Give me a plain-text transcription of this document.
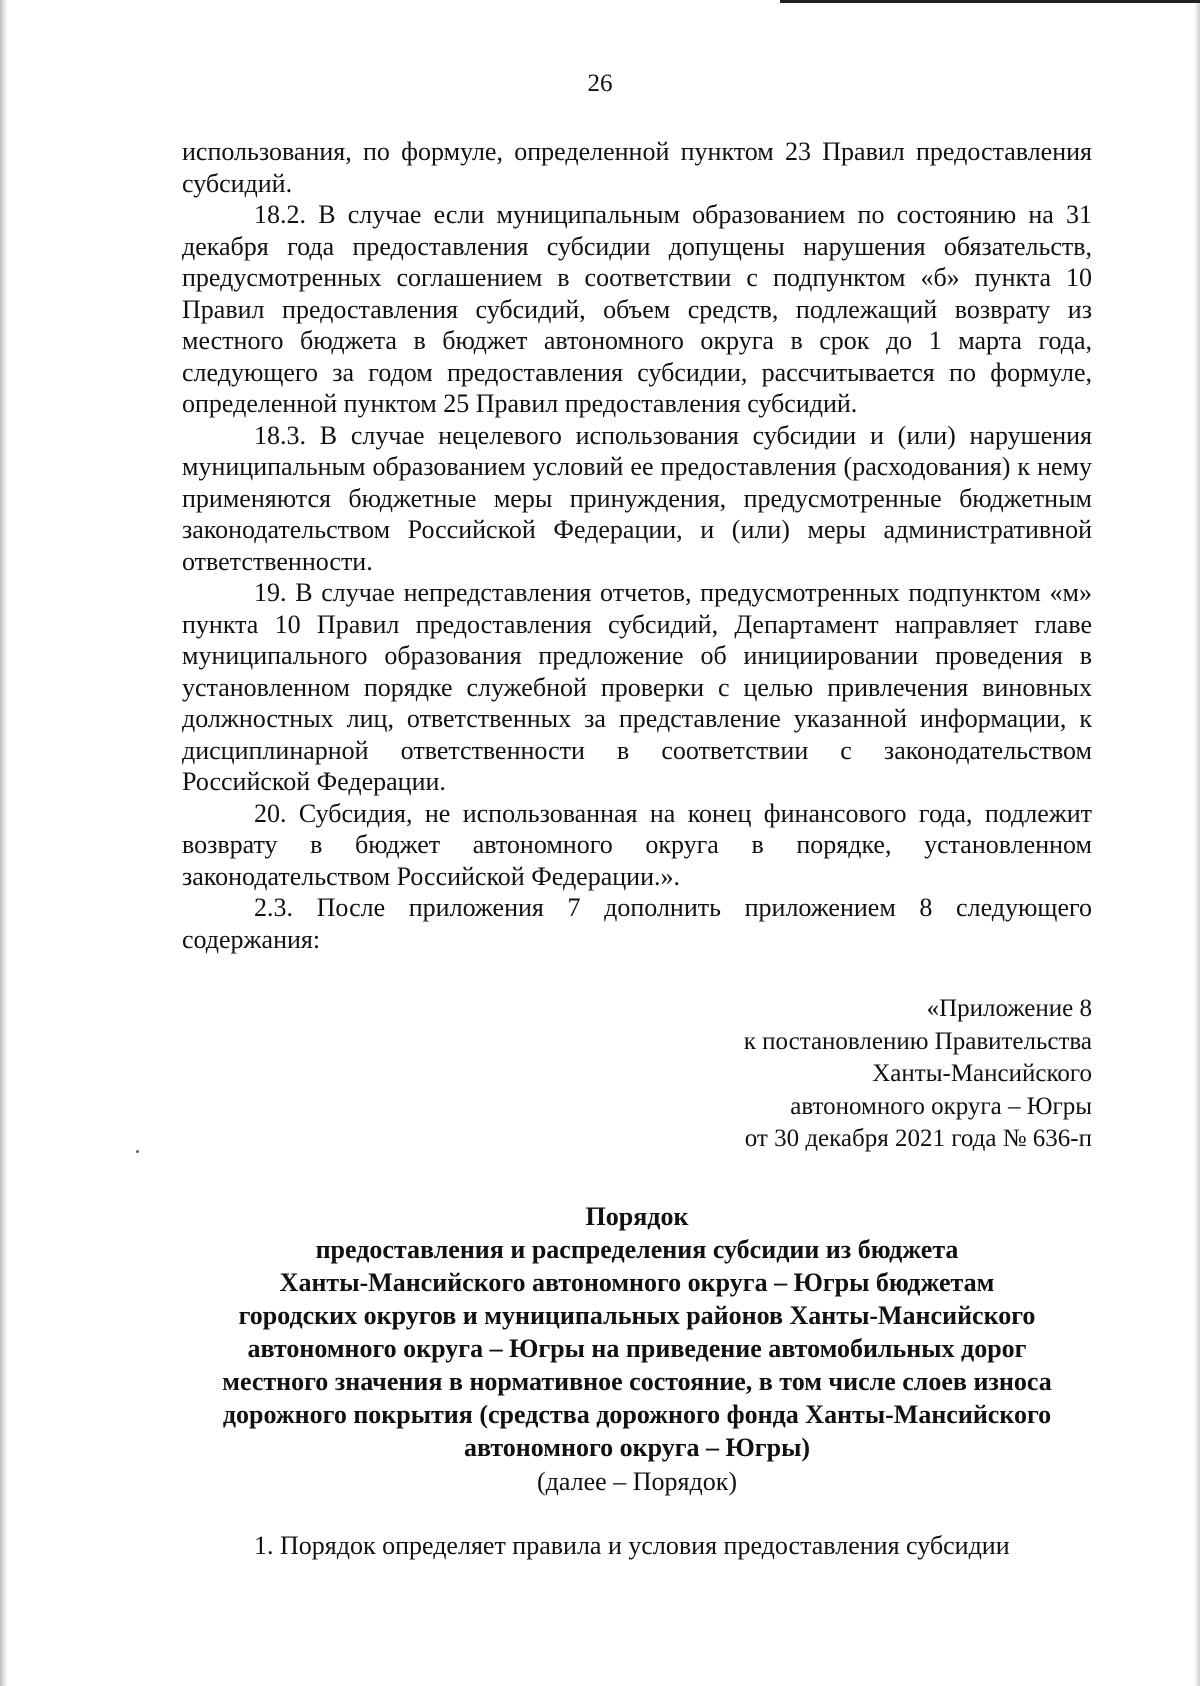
26

использования, по формуле, определенной пунктом 23 Правил предоставления субсидий.

18.2. В случае если муниципальным образованием по состоянию на 31 декабря года предоставления субсидии допущены нарушения обязательств, предусмотренных соглашением в соответствии с подпунктом «б» пункта 10 Правил предоставления субсидий, объем средств, подлежащий возврату из местного бюджета в бюджет автономного округа в срок до 1 марта года, следующего за годом предоставления субсидии, рассчитывается по формуле, определенной пунктом 25 Правил предоставления субсидий.

18.3. В случае нецелевого использования субсидии и (или) нарушения муниципальным образованием условий ее предоставления (расходования) к нему применяются бюджетные меры принуждения, предусмотренные бюджетным законодательством Российской Федерации, и (или) меры административной ответственности.

19. В случае непредставления отчетов, предусмотренных подпунктом «м» пункта 10 Правил предоставления субсидий, Департамент направляет главе муниципального образования предложение об инициировании проведения в установленном порядке служебной проверки с целью привлечения виновных должностных лиц, ответственных за представление указанной информации, к дисциплинарной ответственности в соответствии с законодательством Российской Федерации.

20. Субсидия, не использованная на конец финансового года, подлежит возврату в бюджет автономного округа в порядке, установленном законодательством Российской Федерации.».

2.3. После приложения 7 дополнить приложением 8 следующего содержания:

«Приложение 8
к постановлению Правительства
Ханты-Мансийского
автономного округа – Югры
от 30 декабря 2021 года № 636-п
Порядок
предоставления и распределения субсидии из бюджета
Ханты-Мансийского автономного округа – Югры бюджетам
городских округов и муниципальных районов Ханты-Мансийского
автономного округа – Югры на приведение автомобильных дорог
местного значения в нормативное состояние, в том числе слоев износа
дорожного покрытия (средства дорожного фонда Ханты-Мансийского
автономного округа – Югры)
(далее – Порядок)

1. Порядок определяет правила и условия предоставления субсидии
